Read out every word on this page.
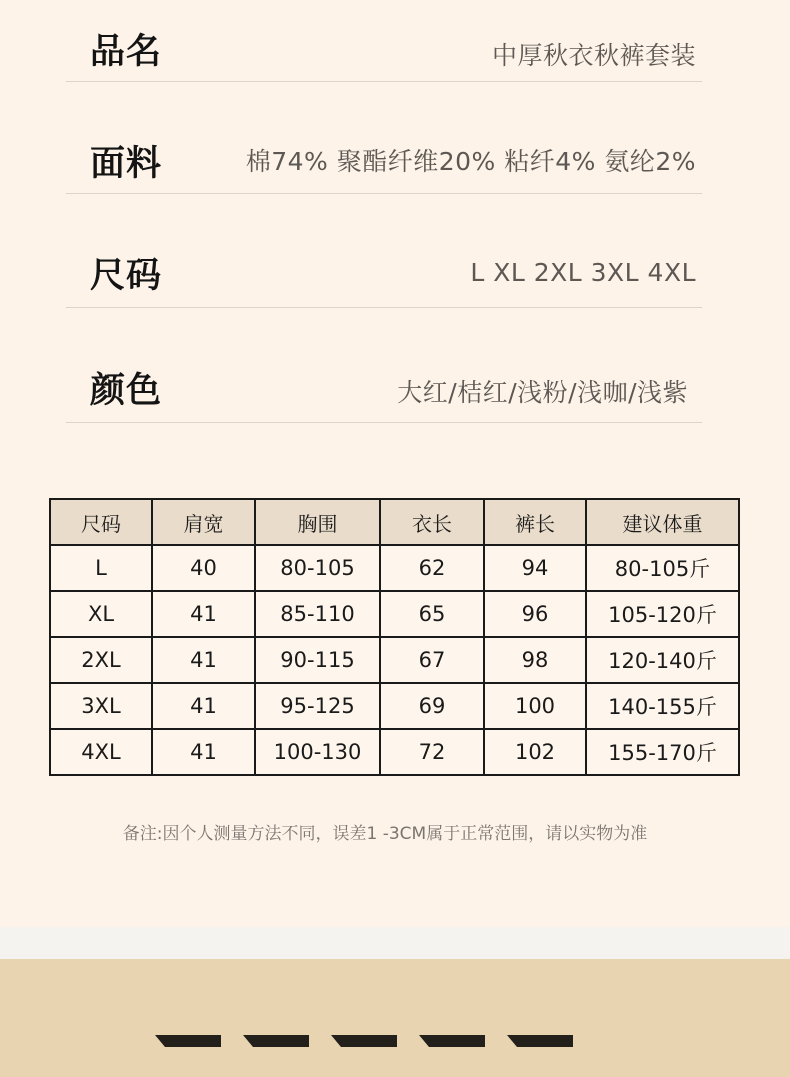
品名	中厚秋衣秋裤套装
面料	棉74% 聚酯纤维20% 粘纤4% 氨纶2%
尺码	L XL 2XL 3XL 4XL
颜色	大红/桔红/浅粉/浅咖/浅紫
尺码	肩宽	胸围	衣长	裤长	建议体重
L	40	80-105	62	94	80-105斤
XL	41	85-110	65	96	105-120斤
2XL	41	90-115	67	98	120-140斤
3XL	41	95-125	69	100	140-155斤
4XL	41	100-130	72	102	155-170斤
备注:因个人测量方法不同，误差1 -3CM属于正常范围，请以实物为准
